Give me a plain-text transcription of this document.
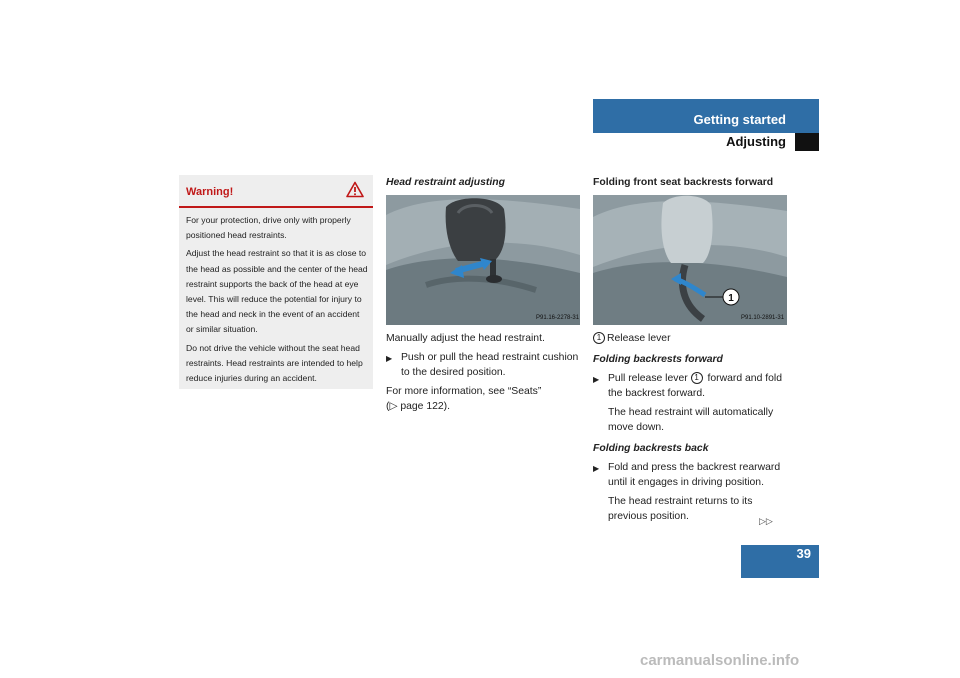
Getting started
Adjusting
Warning!

For your protection, drive only with properly positioned head restraints.

Adjust the head restraint so that it is as close to the head as possible and the center of the head restraint supports the back of the head at eye level. This will reduce the potential for injury to the head and neck in the event of an accident or similar situation.

Do not drive the vehicle without the seat head restraints. Head restraints are intended to help reduce injuries during an accident.

Head restraint adjusting

P91.16-2278-31

Manually adjust the head restraint.

▶ Push or pull the head restraint cushion to the desired position.

For more information, see “Seats”

(▷ page 122).

Folding front seat backrests forward

1
P91.10-2891-31

1 Release lever

Folding backrests forward

▶ Pull release lever 1 forward and fold the backrest forward.

The head restraint will automatically move down.

Folding backrests back

▶ Fold and press the backrest rearward until it engages in driving position.

The head restraint returns to its previous position.	▷▷
39
carmanualsonline.info
